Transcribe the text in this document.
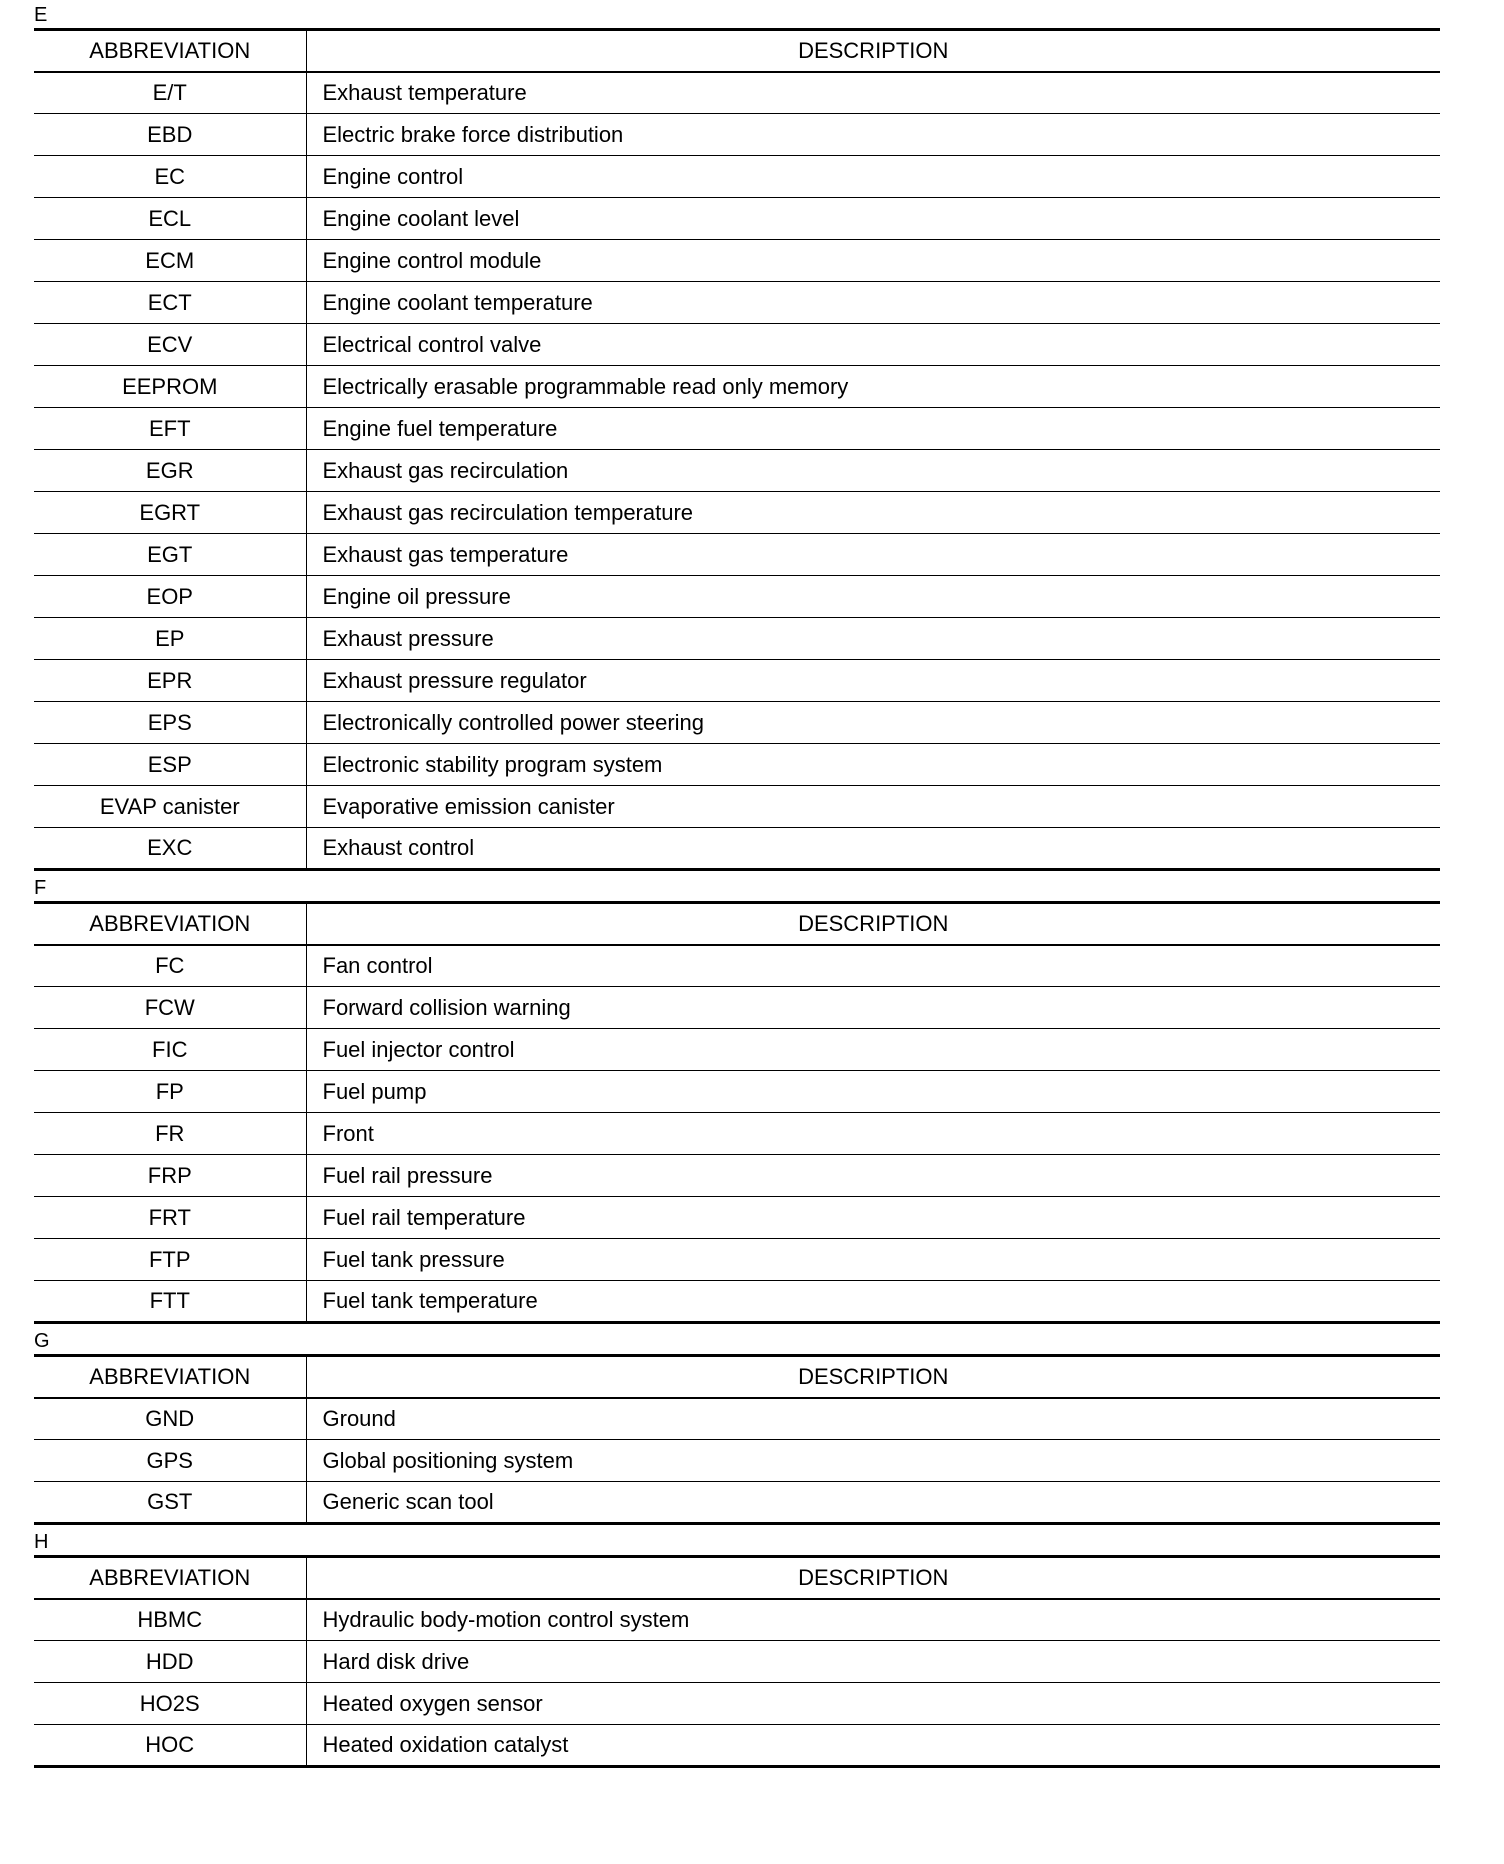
E
ABBREVIATION	DESCRIPTION
E/T	Exhaust temperature
EBD	Electric brake force distribution
EC	Engine control
ECL	Engine coolant level
ECM	Engine control module
ECT	Engine coolant temperature
ECV	Electrical control valve
EEPROM	Electrically erasable programmable read only memory
EFT	Engine fuel temperature
EGR	Exhaust gas recirculation
EGRT	Exhaust gas recirculation temperature
EGT	Exhaust gas temperature
EOP	Engine oil pressure
EP	Exhaust pressure
EPR	Exhaust pressure regulator
EPS	Electronically controlled power steering
ESP	Electronic stability program system
EVAP canister	Evaporative emission canister
EXC	Exhaust control
F
ABBREVIATION	DESCRIPTION
FC	Fan control
FCW	Forward collision warning
FIC	Fuel injector control
FP	Fuel pump
FR	Front
FRP	Fuel rail pressure
FRT	Fuel rail temperature
FTP	Fuel tank pressure
FTT	Fuel tank temperature
G
ABBREVIATION	DESCRIPTION
GND	Ground
GPS	Global positioning system
GST	Generic scan tool
H
ABBREVIATION	DESCRIPTION
HBMC	Hydraulic body-motion control system
HDD	Hard disk drive
HO2S	Heated oxygen sensor
HOC	Heated oxidation catalyst
